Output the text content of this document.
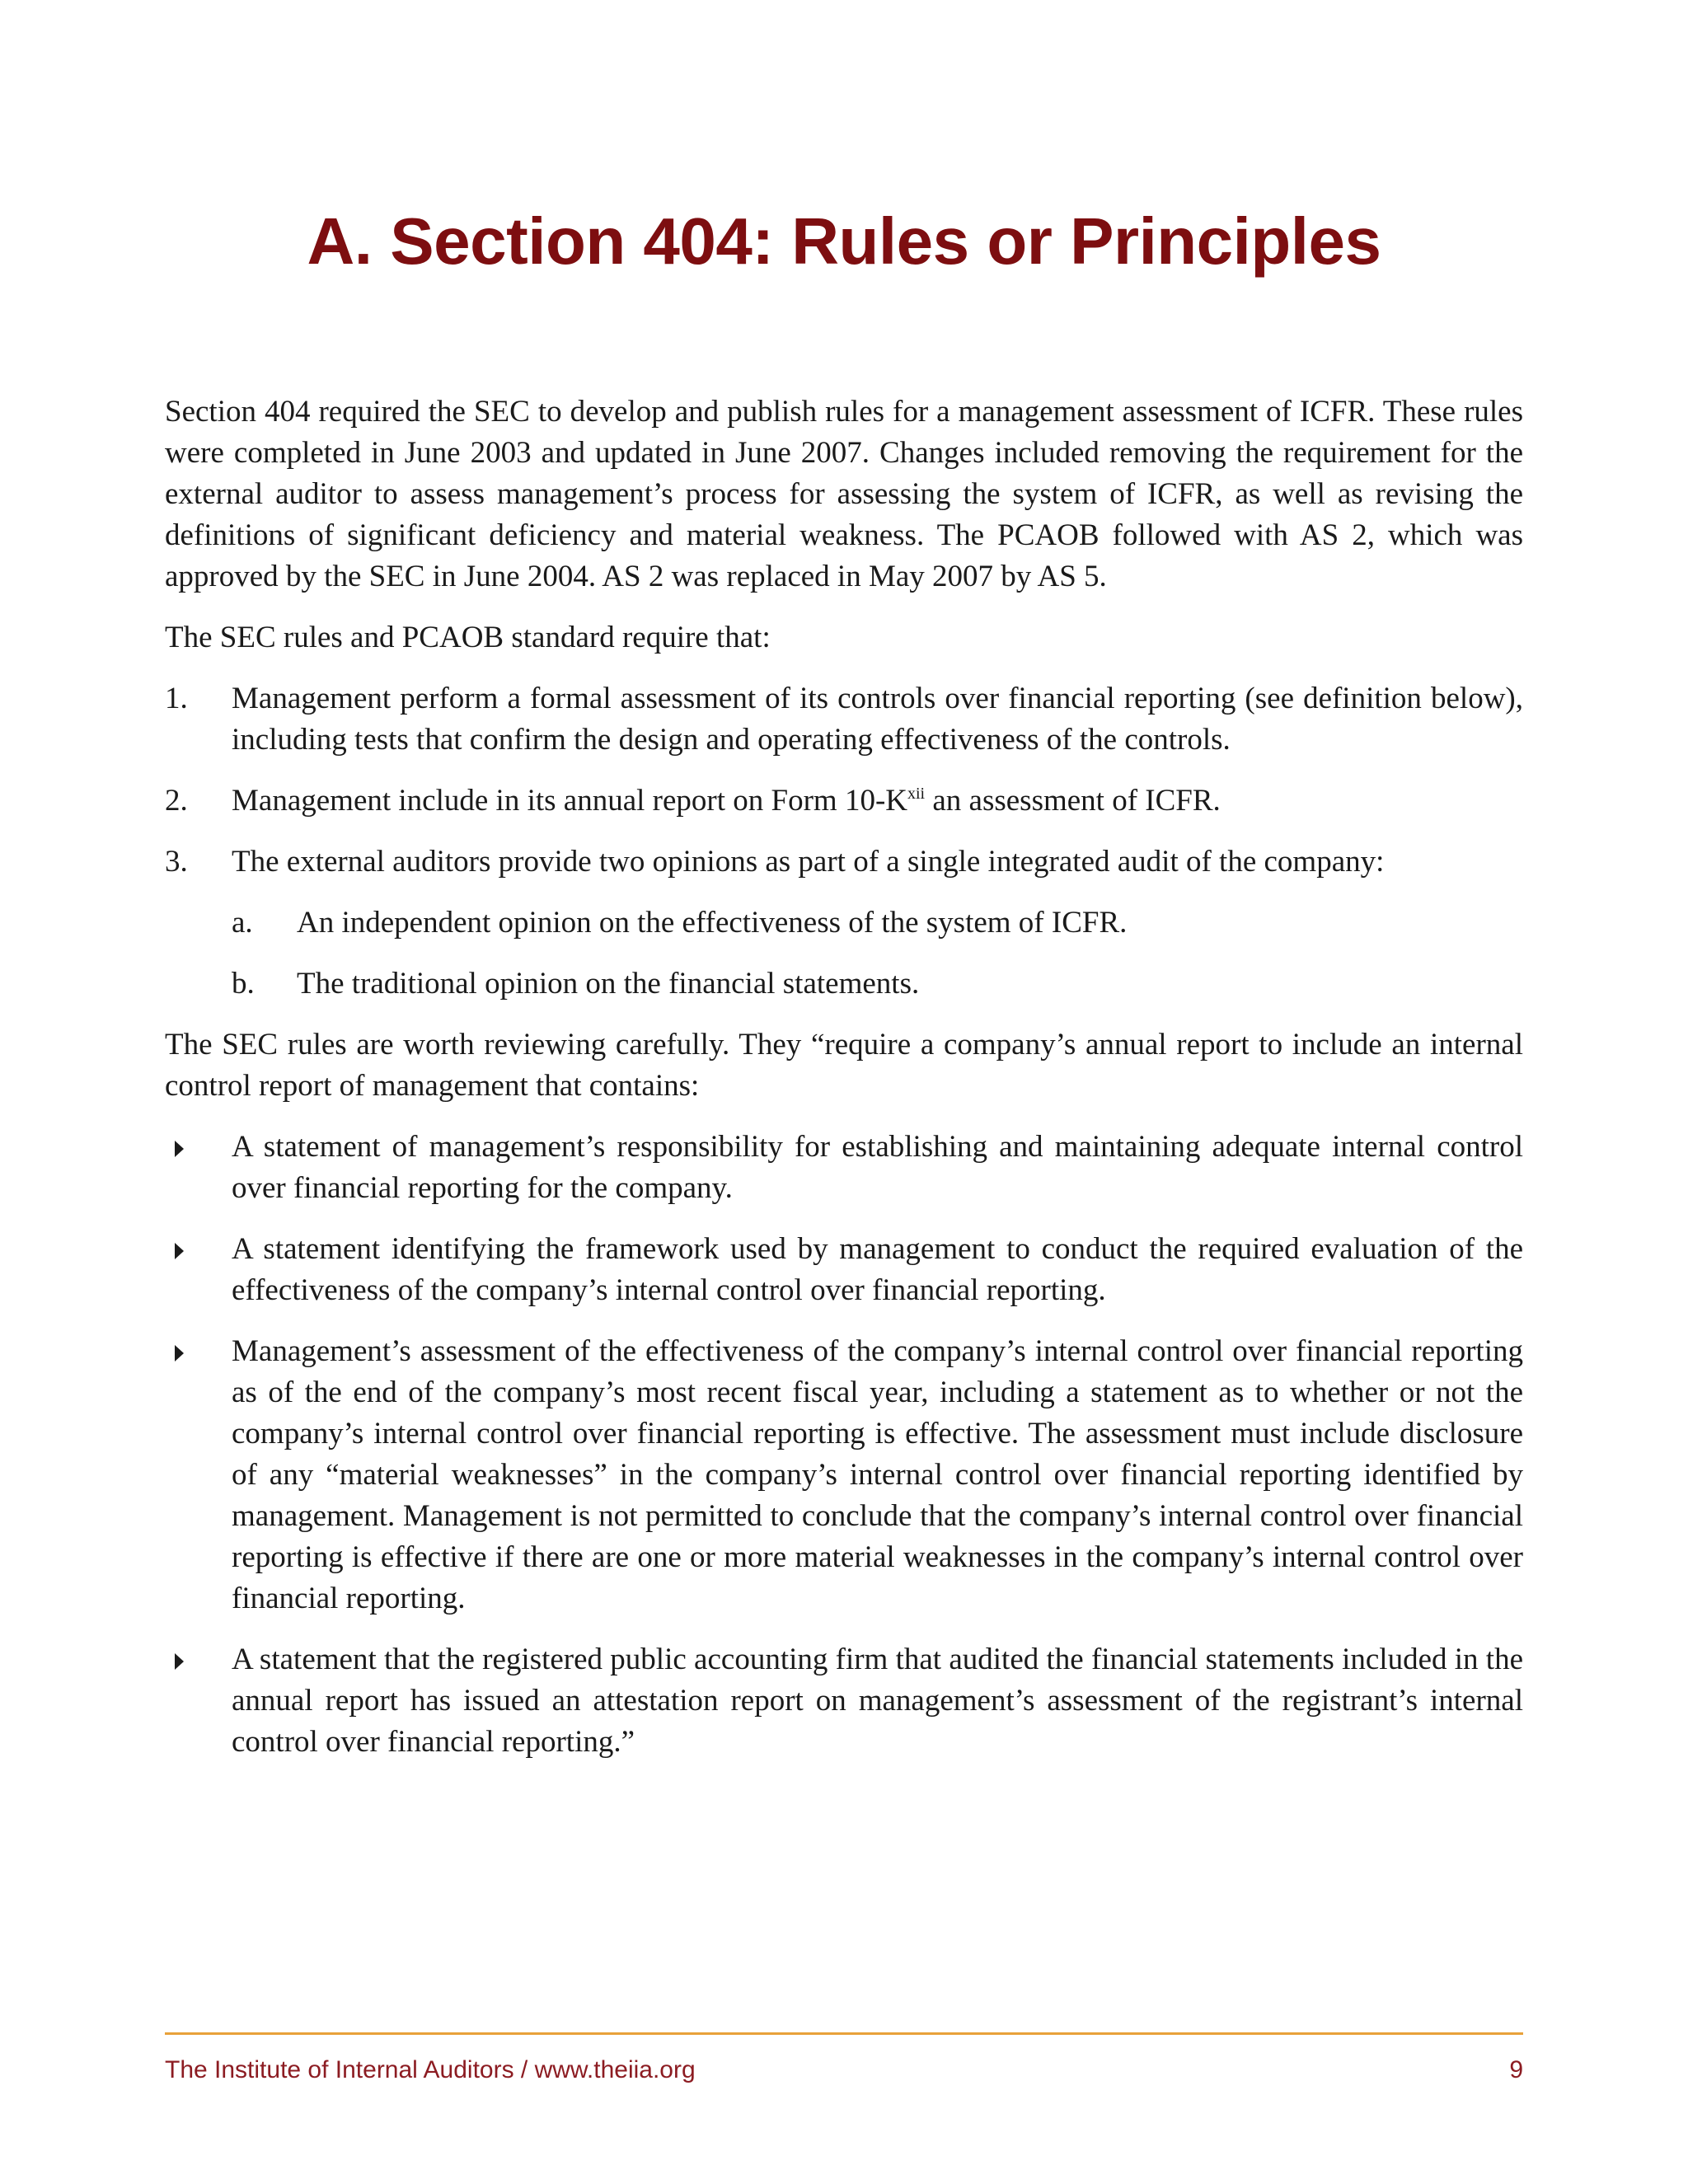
A. Section 404: Rules or Principles

Section 404 required the SEC to develop and publish rules for a management assessment of ICFR. These rules were completed in June 2003 and updated in June 2007. Changes included removing the requirement for the external auditor to assess management’s process for assessing the system of ICFR, as well as revising the definitions of significant deficiency and material weakness. The PCAOB followed with AS 2, which was approved by the SEC in June 2004. AS 2 was replaced in May 2007 by AS 5.

The SEC rules and PCAOB standard require that:

1. Management perform a formal assessment of its controls over financial reporting (see definition below), including tests that confirm the design and operating effectiveness of the controls.
2. Management include in its annual report on Form $10-K^{xii}$ an assessment of ICFR.
3. The external auditors provide two opinions as part of a single integrated audit of the company:
a. An independent opinion on the effectiveness of the system of ICFR.
b. The traditional opinion on the financial statements.

The SEC rules are worth reviewing carefully. They “require a company’s annual report to include an internal control report of management that contains:

A statement of management’s responsibility for establishing and maintaining adequate internal control over financial reporting for the company.
A statement identifying the framework used by management to conduct the required evaluation of the effectiveness of the company’s internal control over financial reporting.
Management’s assessment of the effectiveness of the company’s internal control over financial reporting as of the end of the company’s most recent fiscal year, including a statement as to whether or not the company’s internal control over financial reporting is effective. The assessment must include disclosure of any “material weaknesses” in the company’s internal control over financial reporting identified by management. Management is not permitted to conclude that the company’s internal control over financial reporting is effective if there are one or more material weaknesses in the company’s internal control over financial reporting.
A statement that the registered public accounting firm that audited the financial statements included in the annual report has issued an attestation report on management’s assessment of the registrant’s internal control over financial reporting.”
The Institute of Internal Auditors / www.theiia.org	9
